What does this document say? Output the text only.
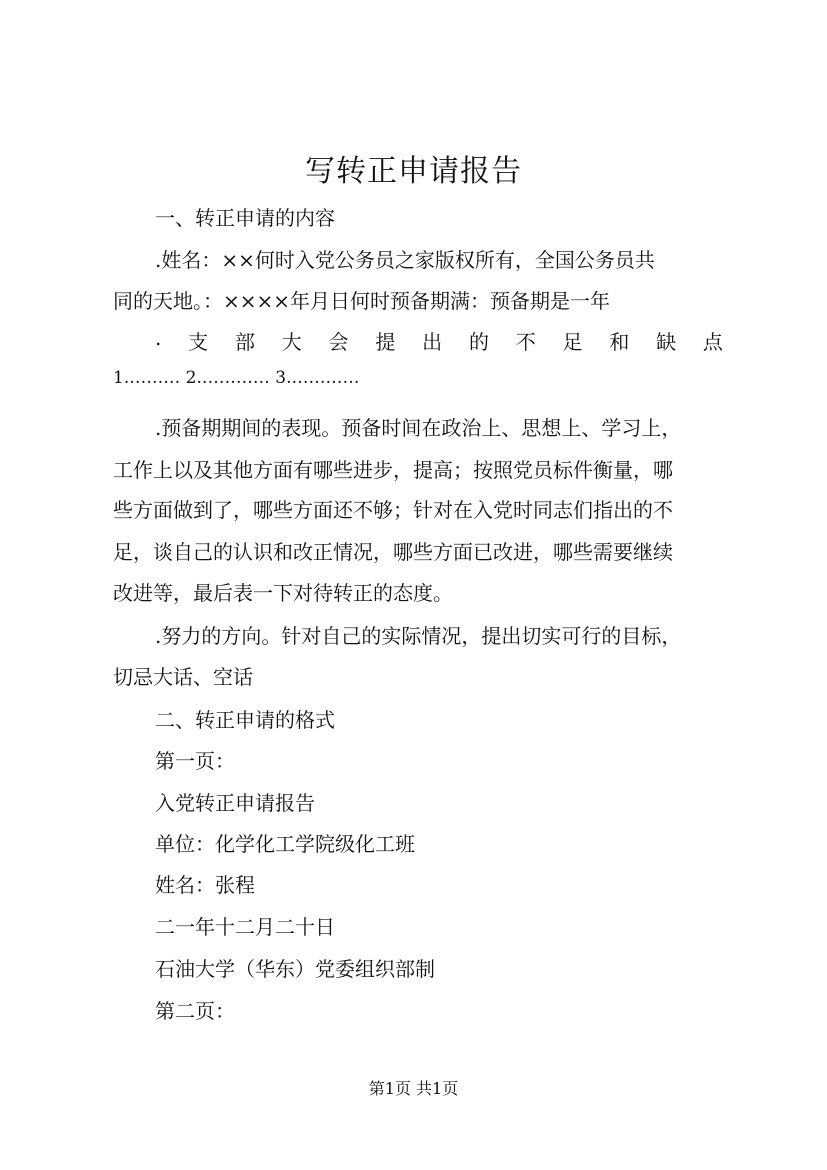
写转正申请报告
一、转正申请的内容
.姓名：××何时入党公务员之家版权所有，全国公务员共
同的天地。：××××年月日何时预备期满：预备期是一年
. 支 部 大 会 提 出 的 不 足 和 缺 点
1.……… 2.………… 3.…………
.预备期期间的表现。预备时间在政治上、思想上、学习上，
工作上以及其他方面有哪些进步，提高；按照党员标件衡量，哪
些方面做到了，哪些方面还不够；针对在入党时同志们指出的不
足，谈自己的认识和改正情况，哪些方面已改进，哪些需要继续
改进等，最后表一下对待转正的态度。
.努力的方向。针对自己的实际情况，提出切实可行的目标，
切忌大话、空话
二、转正申请的格式
第一页：
入党转正申请报告
单位：化学化工学院级化工班
姓名：张程
二一年十二月二十日
石油大学（华东）党委组织部制
第二页：
第1页 共1页
